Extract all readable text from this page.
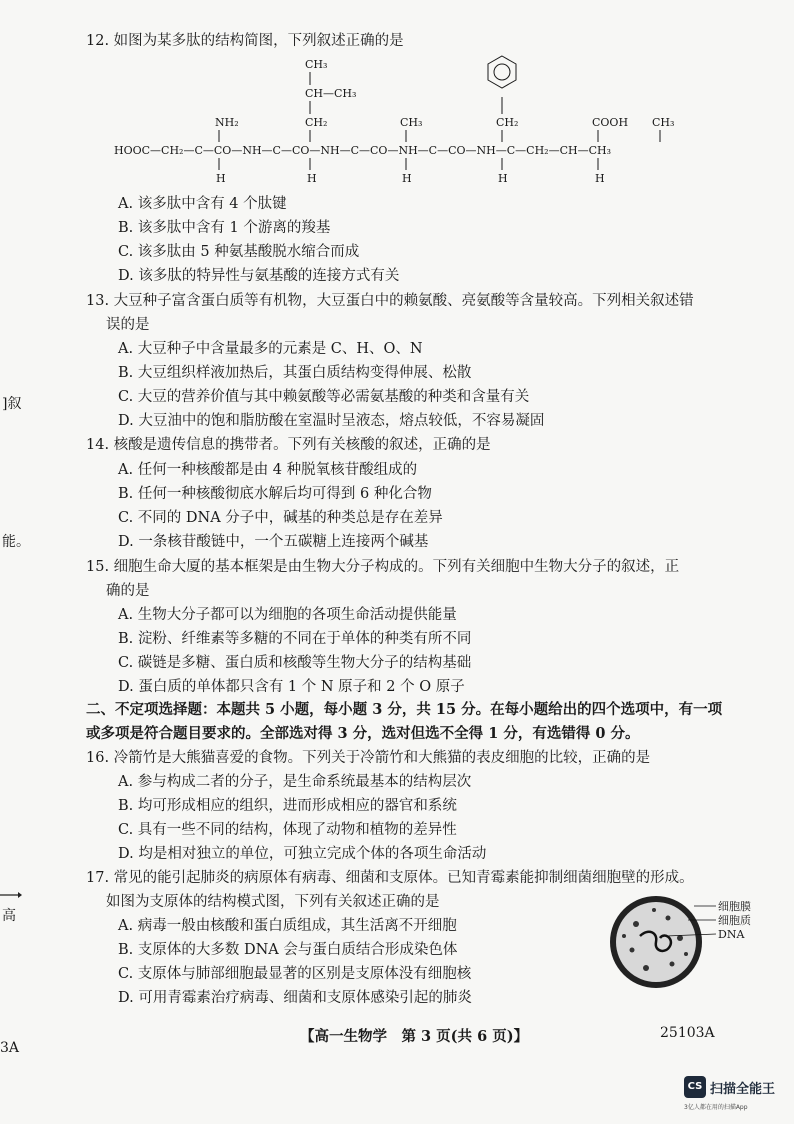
12. 如图为某多肽的结构简图，下列叙述正确的是
HOOC—CH₂—C—CO—NH—C—CO—NH—C—CO—NH—C—CO—NH—C—CH₂—CH—CH₃
NH₂
H
CH₃
CH—CH₃
CH₂
H
CH₃
H
CH₂
H
COOH
H
CH₃
A. 该多肽中含有 4 个肽键
B. 该多肽中含有 1 个游离的羧基
C. 该多肽由 5 种氨基酸脱水缩合而成
D. 该多肽的特异性与氨基酸的连接方式有关
13. 大豆种子富含蛋白质等有机物，大豆蛋白中的赖氨酸、亮氨酸等含量较高。下列相关叙述错
误的是
A. 大豆种子中含量最多的元素是 C、H、O、N
B. 大豆组织样液加热后，其蛋白质结构变得伸展、松散
C. 大豆的营养价值与其中赖氨酸等必需氨基酸的种类和含量有关
D. 大豆油中的饱和脂肪酸在室温时呈液态，熔点较低，不容易凝固
14. 核酸是遗传信息的携带者。下列有关核酸的叙述，正确的是
A. 任何一种核酸都是由 4 种脱氧核苷酸组成的
B. 任何一种核酸彻底水解后均可得到 6 种化合物
C. 不同的 DNA 分子中，碱基的种类总是存在差异
D. 一条核苷酸链中，一个五碳糖上连接两个碱基
15. 细胞生命大厦的基本框架是由生物大分子构成的。下列有关细胞中生物大分子的叙述，正
确的是
A. 生物大分子都可以为细胞的各项生命活动提供能量
B. 淀粉、纤维素等多糖的不同在于单体的种类有所不同
C. 碳链是多糖、蛋白质和核酸等生物大分子的结构基础
D. 蛋白质的单体都只含有 1 个 N 原子和 2 个 O 原子
二、不定项选择题：本题共 5 小题，每小题 3 分，共 15 分。在每小题给出的四个选项中，有一项
或多项是符合题目要求的。全部选对得 3 分，选对但选不全得 1 分，有选错得 0 分。
16. 冷箭竹是大熊猫喜爱的食物。下列关于冷箭竹和大熊猫的表皮细胞的比较，正确的是
A. 参与构成二者的分子，是生命系统最基本的结构层次
B. 均可形成相应的组织，进而形成相应的器官和系统
C. 具有一些不同的结构，体现了动物和植物的差异性
D. 均是相对独立的单位，可独立完成个体的各项生命活动
17. 常见的能引起肺炎的病原体有病毒、细菌和支原体。已知青霉素能抑制细菌细胞壁的形成。
如图为支原体的结构模式图，下列有关叙述正确的是
A. 病毒一般由核酸和蛋白质组成，其生活离不开细胞
B. 支原体的大多数 DNA 会与蛋白质结合形成染色体
C. 支原体与肺部细胞最显著的区别是支原体没有细胞核
D. 可用青霉素治疗病毒、细菌和支原体感染引起的肺炎
细胞膜
细胞质
DNA
]叙
能。
高
【高一生物学　第 3 页(共 6 页)】	25103A
3A
CS 扫描全能王
3亿人都在用的扫描App
